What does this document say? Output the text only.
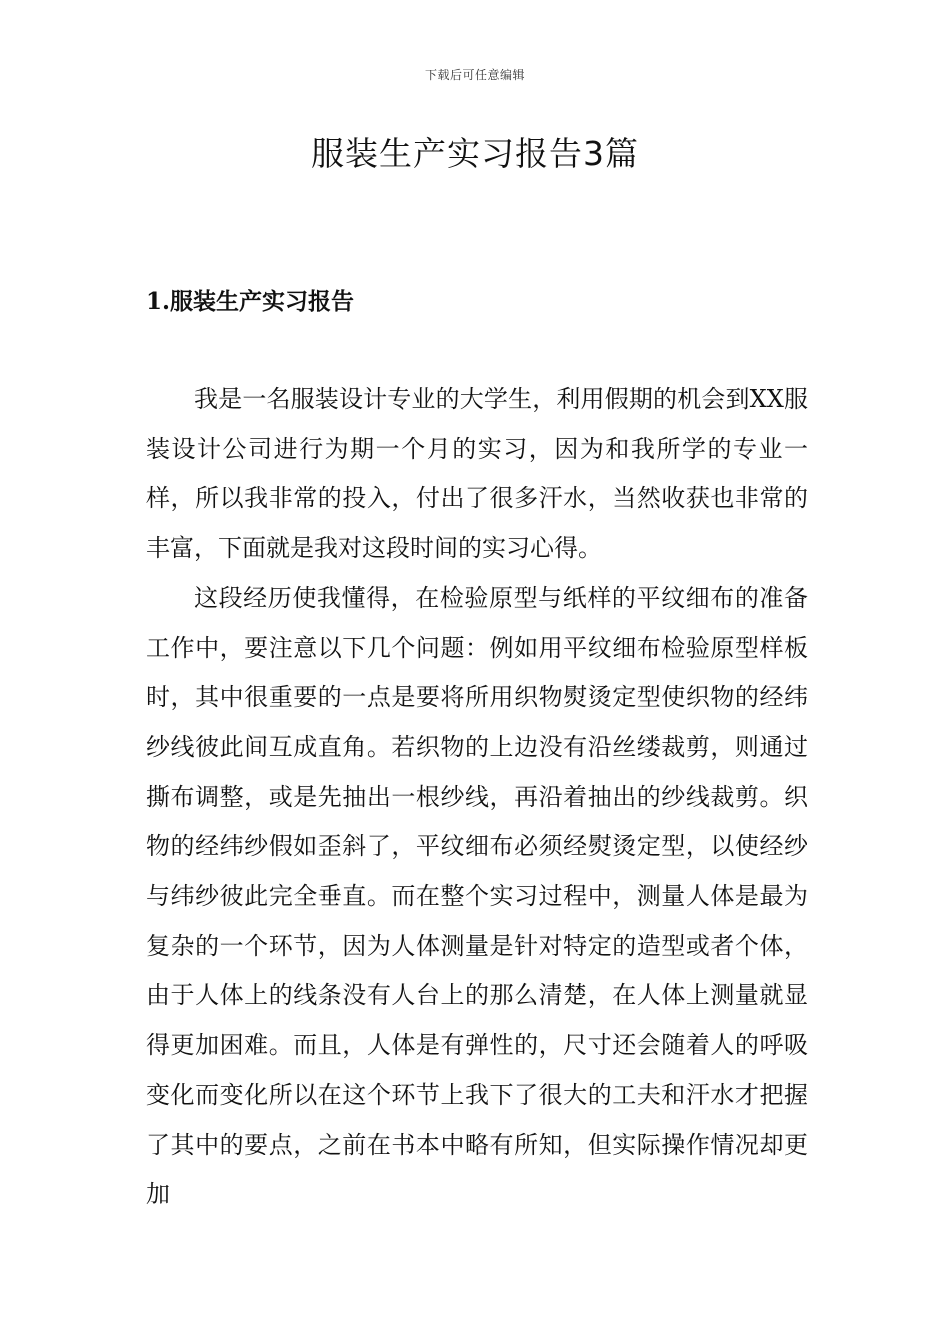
下载后可任意编辑
服装生产实习报告3篇
1.服装生产实习报告

我是一名服装设计专业的大学生，利用假期的机会到XX服装设计公司进行为期一个月的实习，因为和我所学的专业一样，所以我非常的投入，付出了很多汗水，当然收获也非常的丰富，下面就是我对这段时间的实习心得。

这段经历使我懂得，在检验原型与纸样的平纹细布的准备工作中，要注意以下几个问题：例如用平纹细布检验原型样板时，其中很重要的一点是要将所用织物熨烫定型使织物的经纬纱线彼此间互成直角。若织物的上边没有沿丝缕裁剪，则通过撕布调整，或是先抽出一根纱线，再沿着抽出的纱线裁剪。织物的经纬纱假如歪斜了，平纹细布必须经熨烫定型，以使经纱与纬纱彼此完全垂直。而在整个实习过程中，测量人体是最为复杂的一个环节，因为人体测量是针对特定的造型或者个体，由于人体上的线条没有人台上的那么清楚，在人体上测量就显得更加困难。而且，人体是有弹性的，尺寸还会随着人的呼吸变化而变化所以在这个环节上我下了很大的工夫和汗水才把握了其中的要点，之前在书本中略有所知，但实际操作情况却更加
